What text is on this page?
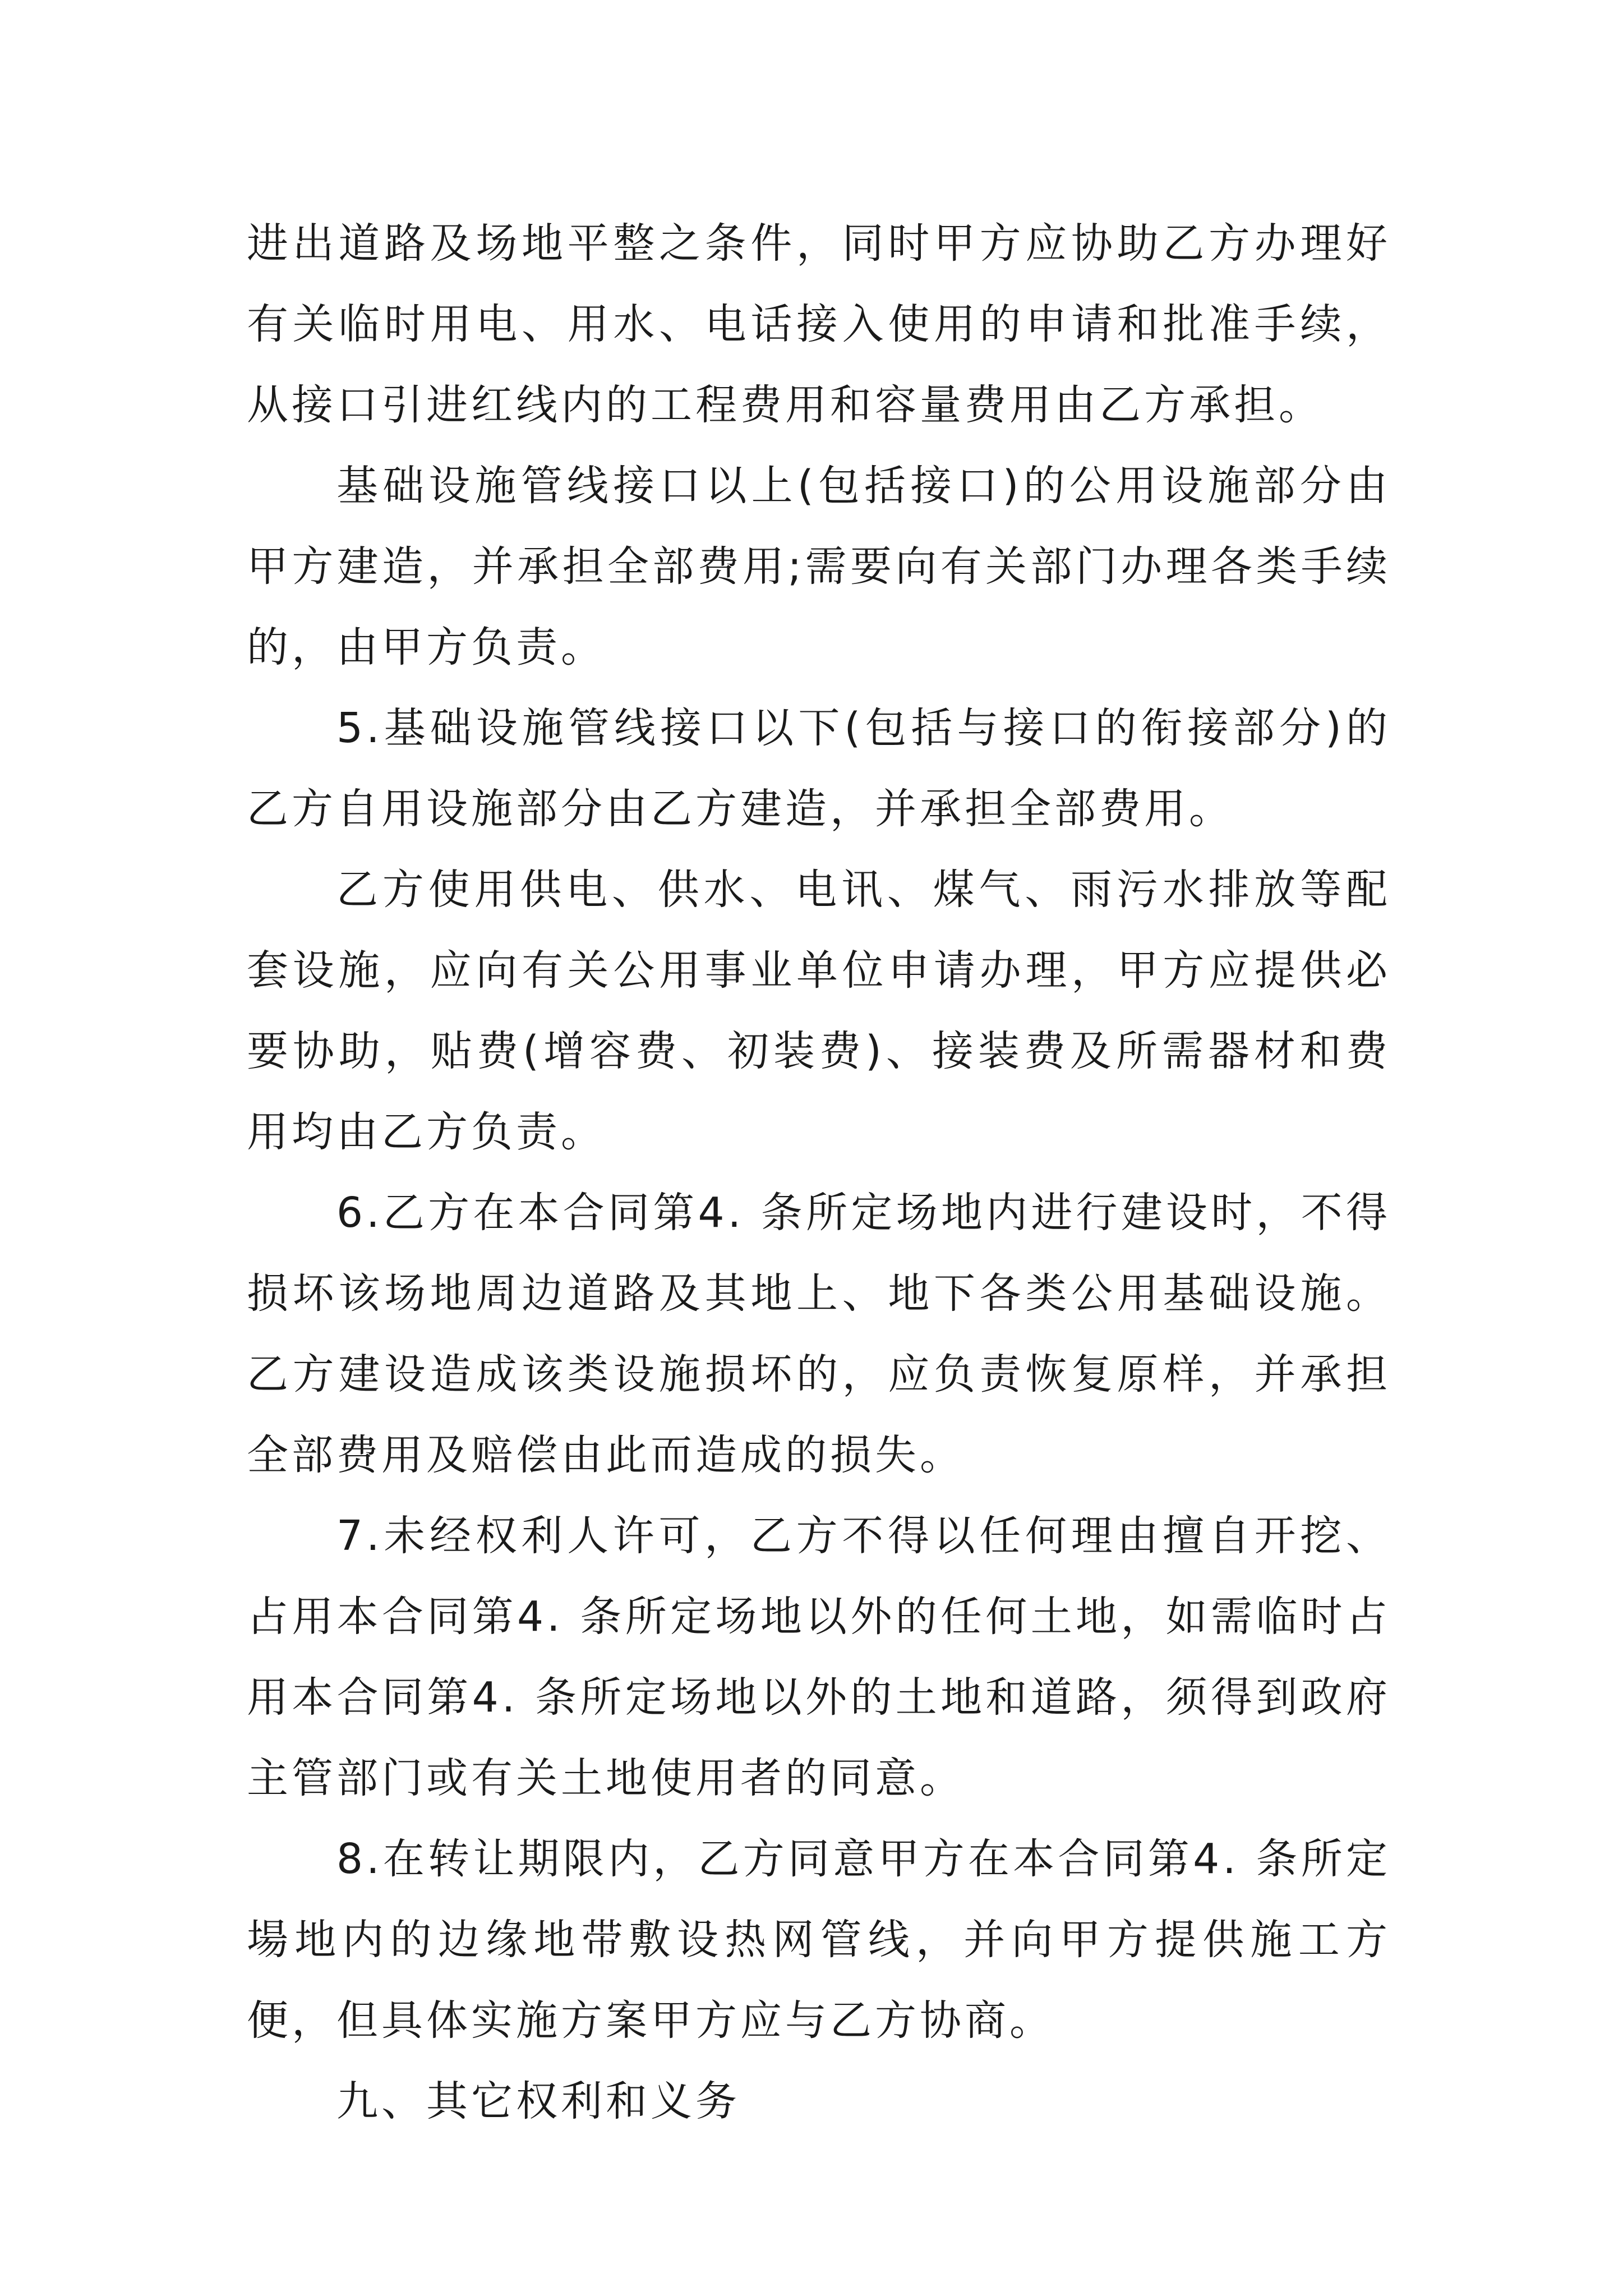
进出道路及场地平整之条件，同时甲方应协助乙方办理好有关临时用电、用水、电话接入使用的申请和批准手续，从接口引进红线内的工程费用和容量费用由乙方承担。

基础设施管线接口以上(包括接口)的公用设施部分由甲方建造，并承担全部费用;需要向有关部门办理各类手续的，由甲方负责。

5.基础设施管线接口以下(包括与接口的衔接部分)的乙方自用设施部分由乙方建造，并承担全部费用。

乙方使用供电、供水、电讯、煤气、雨污水排放等配套设施，应向有关公用事业单位申请办理，甲方应提供必要协助，贴费(增容费、初装费)、接装费及所需器材和费用均由乙方负责。

6.乙方在本合同第4. 条所定场地内进行建设时，不得损坏该场地周边道路及其地上、地下各类公用基础设施。乙方建设造成该类设施损坏的，应负责恢复原样，并承担全部费用及赔偿由此而造成的损失。

7.未经权利人许可，乙方不得以任何理由擅自开挖、占用本合同第4. 条所定场地以外的任何土地，如需临时占用本合同第4. 条所定场地以外的土地和道路，须得到政府主管部门或有关土地使用者的同意。

8.在转让期限内，乙方同意甲方在本合同第4. 条所定場地内的边缘地带敷设热网管线，并向甲方提供施工方便，但具体实施方案甲方应与乙方协商。

九、其它权利和义务
